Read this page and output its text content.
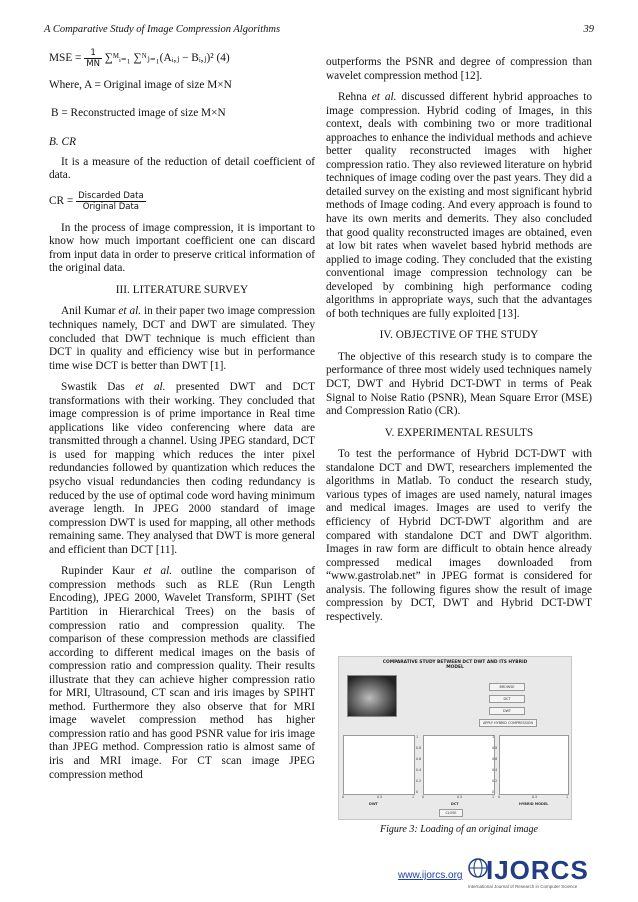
A Comparative Study of Image Compression Algorithms	39
MSE = $\frac{1}{MN}$ ∑ᴹᵢ₌₁ ∑ᴺⱼ₌₁(Aᵢ,ⱼ − Bᵢ,ⱼ)² (4)

Where, A = Original image of size M×N

B = Reconstructed image of size M×N

B. CR

It is a measure of the reduction of detail coefficient of data.

CR = $\frac{\text{Discarded Data}}{\text{Original Data}}$

In the process of image compression, it is important to know how much important coefficient one can discard from input data in order to preserve critical information of the original data.

III. LITERATURE SURVEY

Anil Kumar et al. in their paper two image compression techniques namely, DCT and DWT are simulated. They concluded that DWT technique is much efficient than DCT in quality and efficiency wise but in performance time wise DCT is better than DWT [1].

Swastik Das et al. presented DWT and DCT transformations with their working. They concluded that image compression is of prime importance in Real time applications like video conferencing where data are transmitted through a channel. Using JPEG standard, DCT is used for mapping which reduces the inter pixel redundancies followed by quantization which reduces the psycho visual redundancies then coding redundancy is reduced by the use of optimal code word having minimum average length. In JPEG 2000 standard of image compression DWT is used for mapping, all other methods remaining same. They analysed that DWT is more general and efficient than DCT [11].

Rupinder Kaur et al. outline the comparison of compression methods such as RLE (Run Length Encoding), JPEG 2000, Wavelet Transform, SPIHT (Set Partition in Hierarchical Trees) on the basis of compression ratio and compression quality. The comparison of these compression methods are classified according to different medical images on the basis of compression ratio and compression quality. Their results illustrate that they can achieve higher compression ratio for MRI, Ultrasound, CT scan and iris images by SPIHT method. Furthermore they also observe that for MRI image wavelet compression method has higher compression ratio and has good PSNR value for iris image than JPEG method. Compression ratio is almost same of iris and MRI image. For CT scan image JPEG compression method

outperforms the PSNR and degree of compression than wavelet compression method [12].

Rehna et al. discussed different hybrid approaches to image compression. Hybrid coding of Images, in this context, deals with combining two or more traditional approaches to enhance the individual methods and achieve better quality reconstructed images with higher compression ratio. They also reviewed literature on hybrid techniques of image coding over the past years. They did a detailed survey on the existing and most significant hybrid methods of Image coding. And every approach is found to have its own merits and demerits. They also concluded that good quality reconstructed images are obtained, even at low bit rates when wavelet based hybrid methods are applied to image coding. They concluded that the existing conventional image compression technology can be developed by combining high performance coding algorithms in appropriate ways, such that the advantages of both techniques are fully exploited [13].

IV. OBJECTIVE OF THE STUDY

The objective of this research study is to compare the performance of three most widely used techniques namely DCT, DWT and Hybrid DCT-DWT in terms of Peak Signal to Noise Ratio (PSNR), Mean Square Error (MSE) and Compression Ratio (CR).

V. EXPERIMENTAL RESULTS

To test the performance of Hybrid DCT-DWT with standalone DCT and DWT, researchers implemented the algorithms in Matlab. To conduct the research study, various types of images are used namely, natural images and medical images. Images are used to verify the efficiency of Hybrid DCT-DWT algorithm and are compared with standalone DCT and DWT algorithm. Images in raw form are difficult to obtain hence already compressed medical images downloaded from “www.gastrolab.net” in JPEG format is considered for analysis. The following figures show the result of image compression by DCT, DWT and Hybrid DCT-DWT respectively.

COMPARATIVE STUDY BETWEEN DCT DWT AND ITS HYBRID
MODEL
BROWSE
DCT
DWT
APPLY HYBRID COMPRESSION
0	0.5	1
1
0.8
0.6
0.4
0.2
0
0	0.5	1
1
0.8
0.6
0.4
0.2
0
0	0.5	1
DWT	DCT	HYBRID MODEL
CLOSE
Figure 3: Loading of an original image
www.ijorcs.org IJORCS
International Journal of Research in Computer Science
